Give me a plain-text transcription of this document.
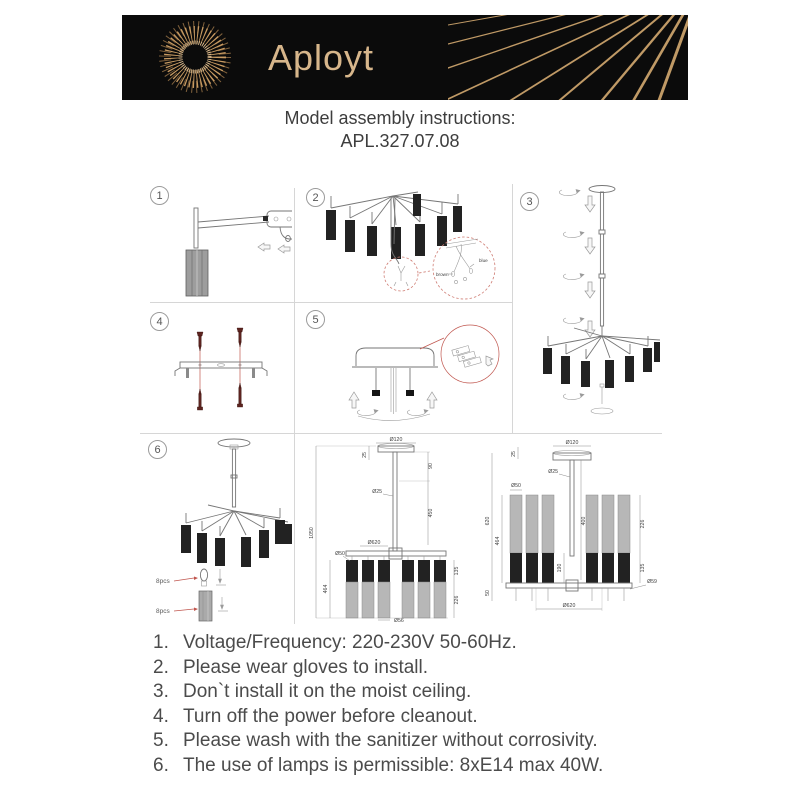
Aployt
Model assembly instructions:
APL.327.07.08
1	2	3
4	5
6
blue
brown
8pcs
8pcs
Ø120
25
90
450
Ø25
Ø620
1050
464
Ø50
135
226
Ø56
25
Ø120
Ø25
Ø50
620
464
400
190
226
135
Ø59
Ø620
50
1. Voltage/Frequency: 220-230V 50-60Hz.
2. Please wear gloves to install.
3. Don`t install it on the moist ceiling.
4. Turn off the power before cleanout.
5. Please wash with the sanitizer without corrosivity.
6. The use of lamps is permissible: 8xE14 max 40W.
